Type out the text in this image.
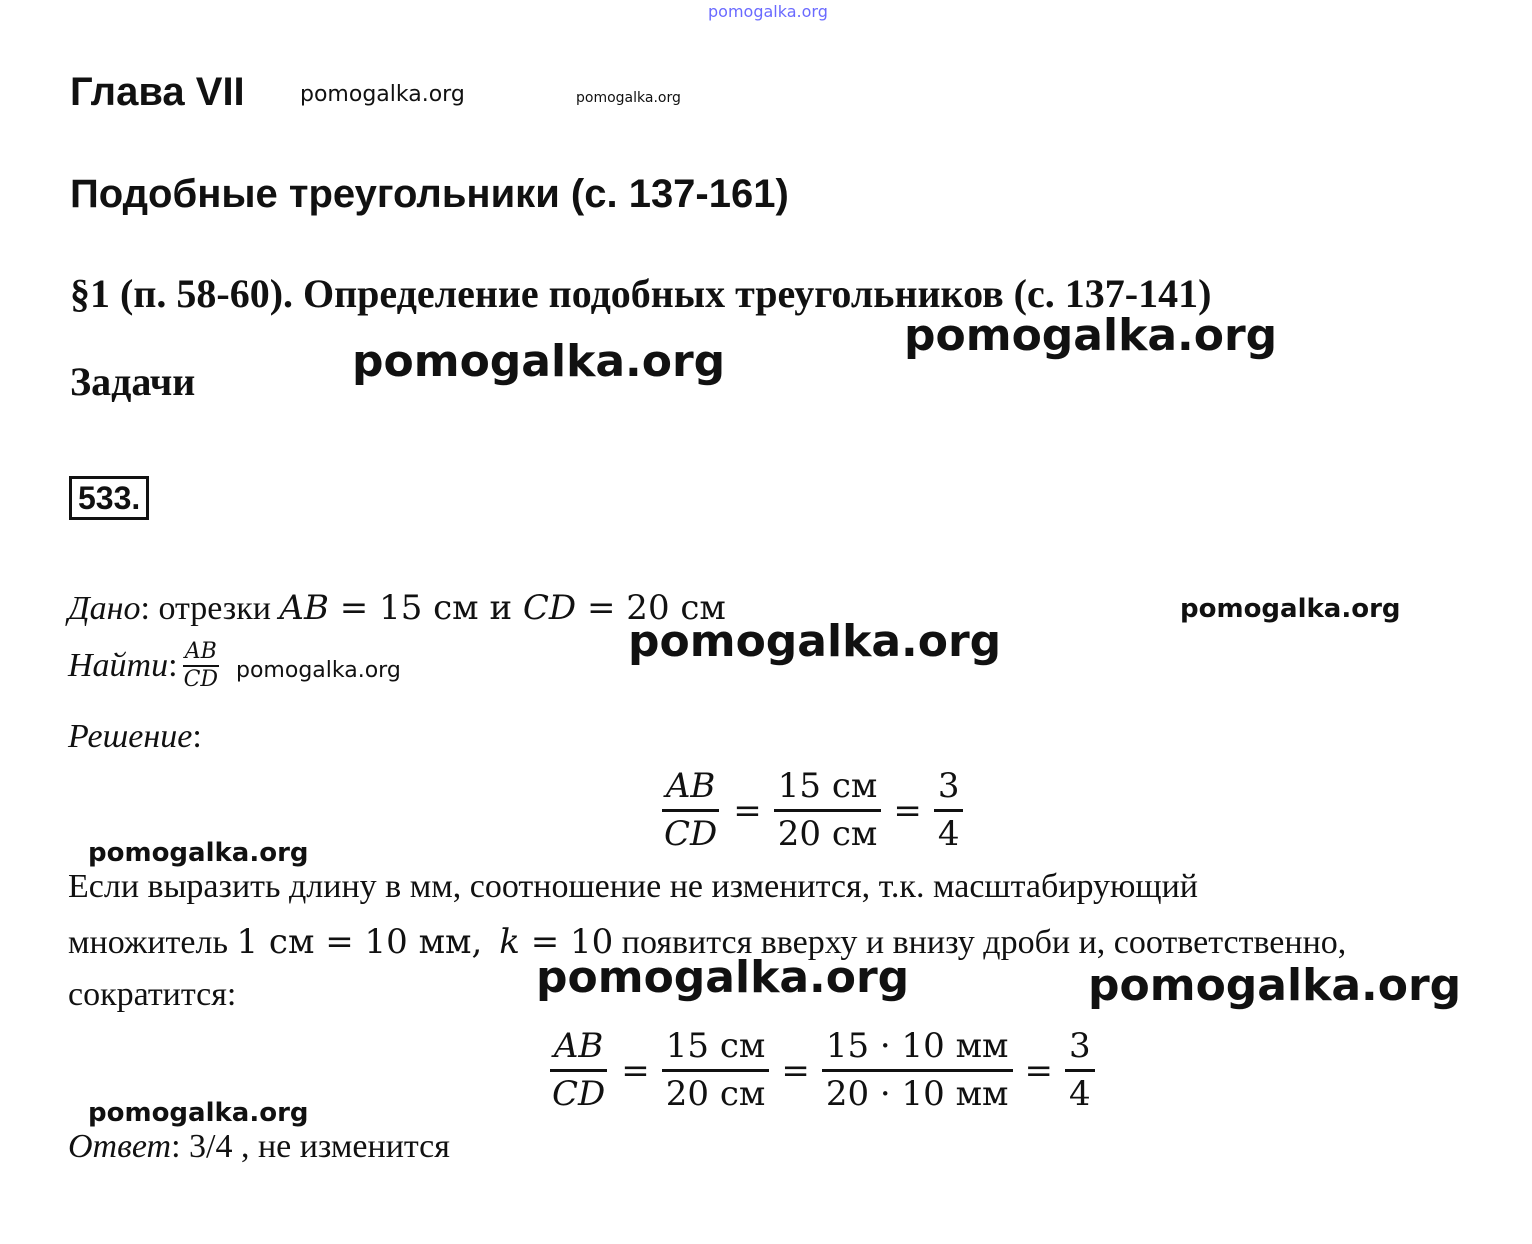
pomogalka.org
pomogalka.org	pomogalka.org
pomogalka.org
pomogalka.org
pomogalka.org
pomogalka.org
pomogalka.org
pomogalka.org
pomogalka.org	pomogalka.org
pomogalka.org
Глава VII
Подобные треугольники (с. 137-161)
§1 (п. 58-60). Определение подобных треугольников (с. 137-141)
Задачи
533.
Дано: отрезки AB = 15 см и CD = 20 см
Найти : $\frac{AB}{CD}$
Решение:
$\frac{AB}{CD} = \frac{15 см}{20 см} = \frac{3}{4}$
Если выразить длину в мм, соотношение не изменится, т.к. масштабирующий
множитель 1 см = 10 мм, k = 10 появится вверху и внизу дроби и, соответственно,
сократится:
$\frac{AB}{CD} = \frac{15 см}{20 см} = \frac{15 \cdot 10 мм}{20 \cdot 10 мм} = \frac{3}{4}$
Ответ: 3/4 , не изменится
